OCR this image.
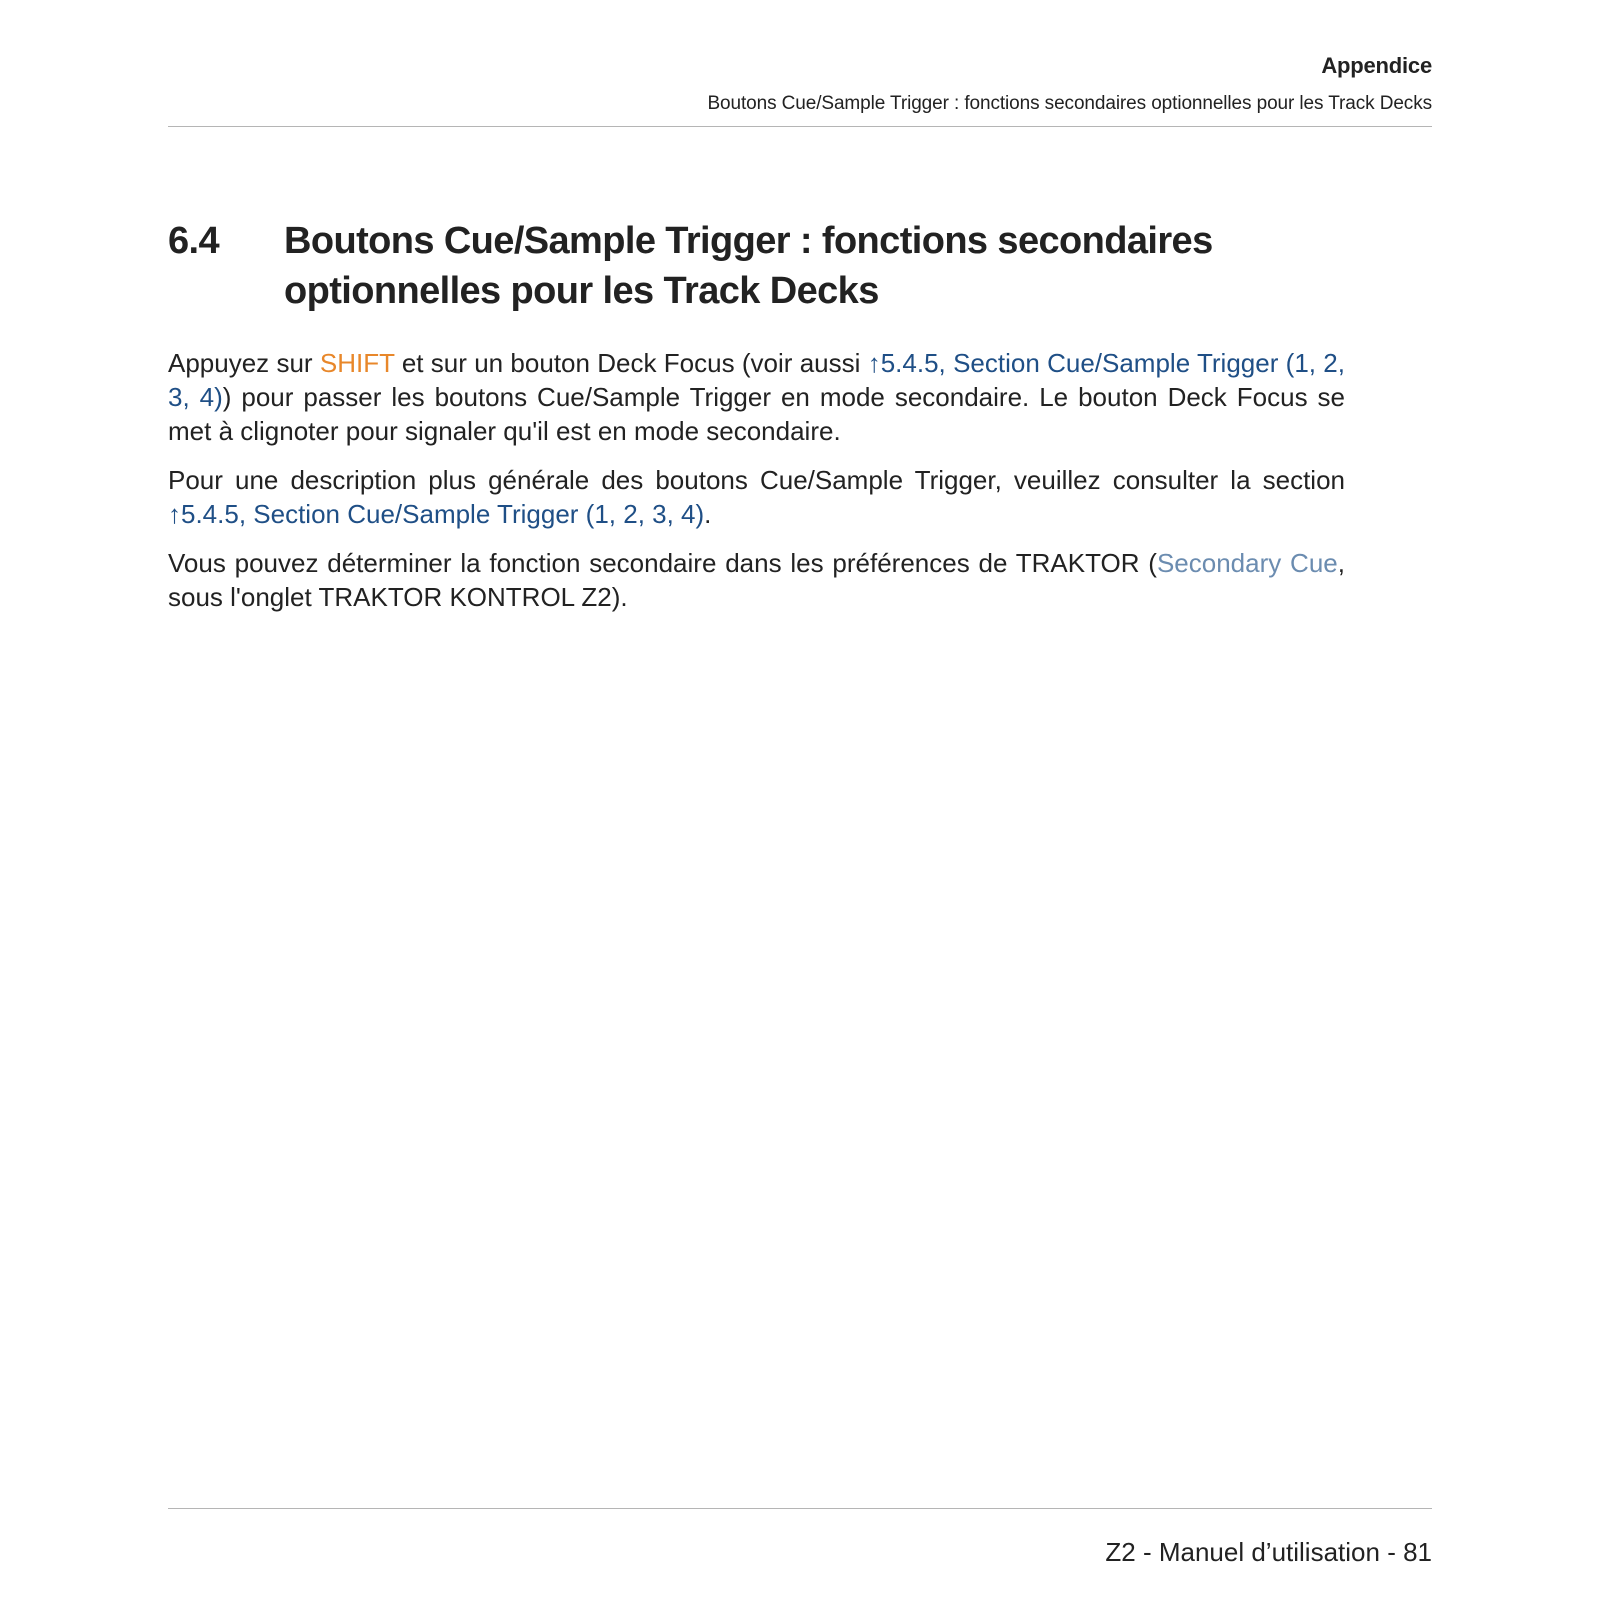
Appendice
Boutons Cue/Sample Trigger : fonctions secondaires optionnelles pour les Track Decks
6.4 Boutons Cue/Sample Trigger : fonctions secondaires optionnelles pour les Track Decks

Appuyez sur SHIFT et sur un bouton Deck Focus (voir aussi ↑5.4.5, Section Cue/Sample Trigger (1, 2, 3, 4)) pour passer les boutons Cue/Sample Trigger en mode secondaire. Le bouton Deck Focus se met à clignoter pour signaler qu'il est en mode secondaire.

Pour une description plus générale des boutons Cue/Sample Trigger, veuillez consulter la section ↑5.4.5, Section Cue/Sample Trigger (1, 2, 3, 4).

Vous pouvez déterminer la fonction secondaire dans les préférences de TRAKTOR (Secondary Cue, sous l'onglet TRAKTOR KONTROL Z2).

Z2 - Manuel d’utilisation - 81
